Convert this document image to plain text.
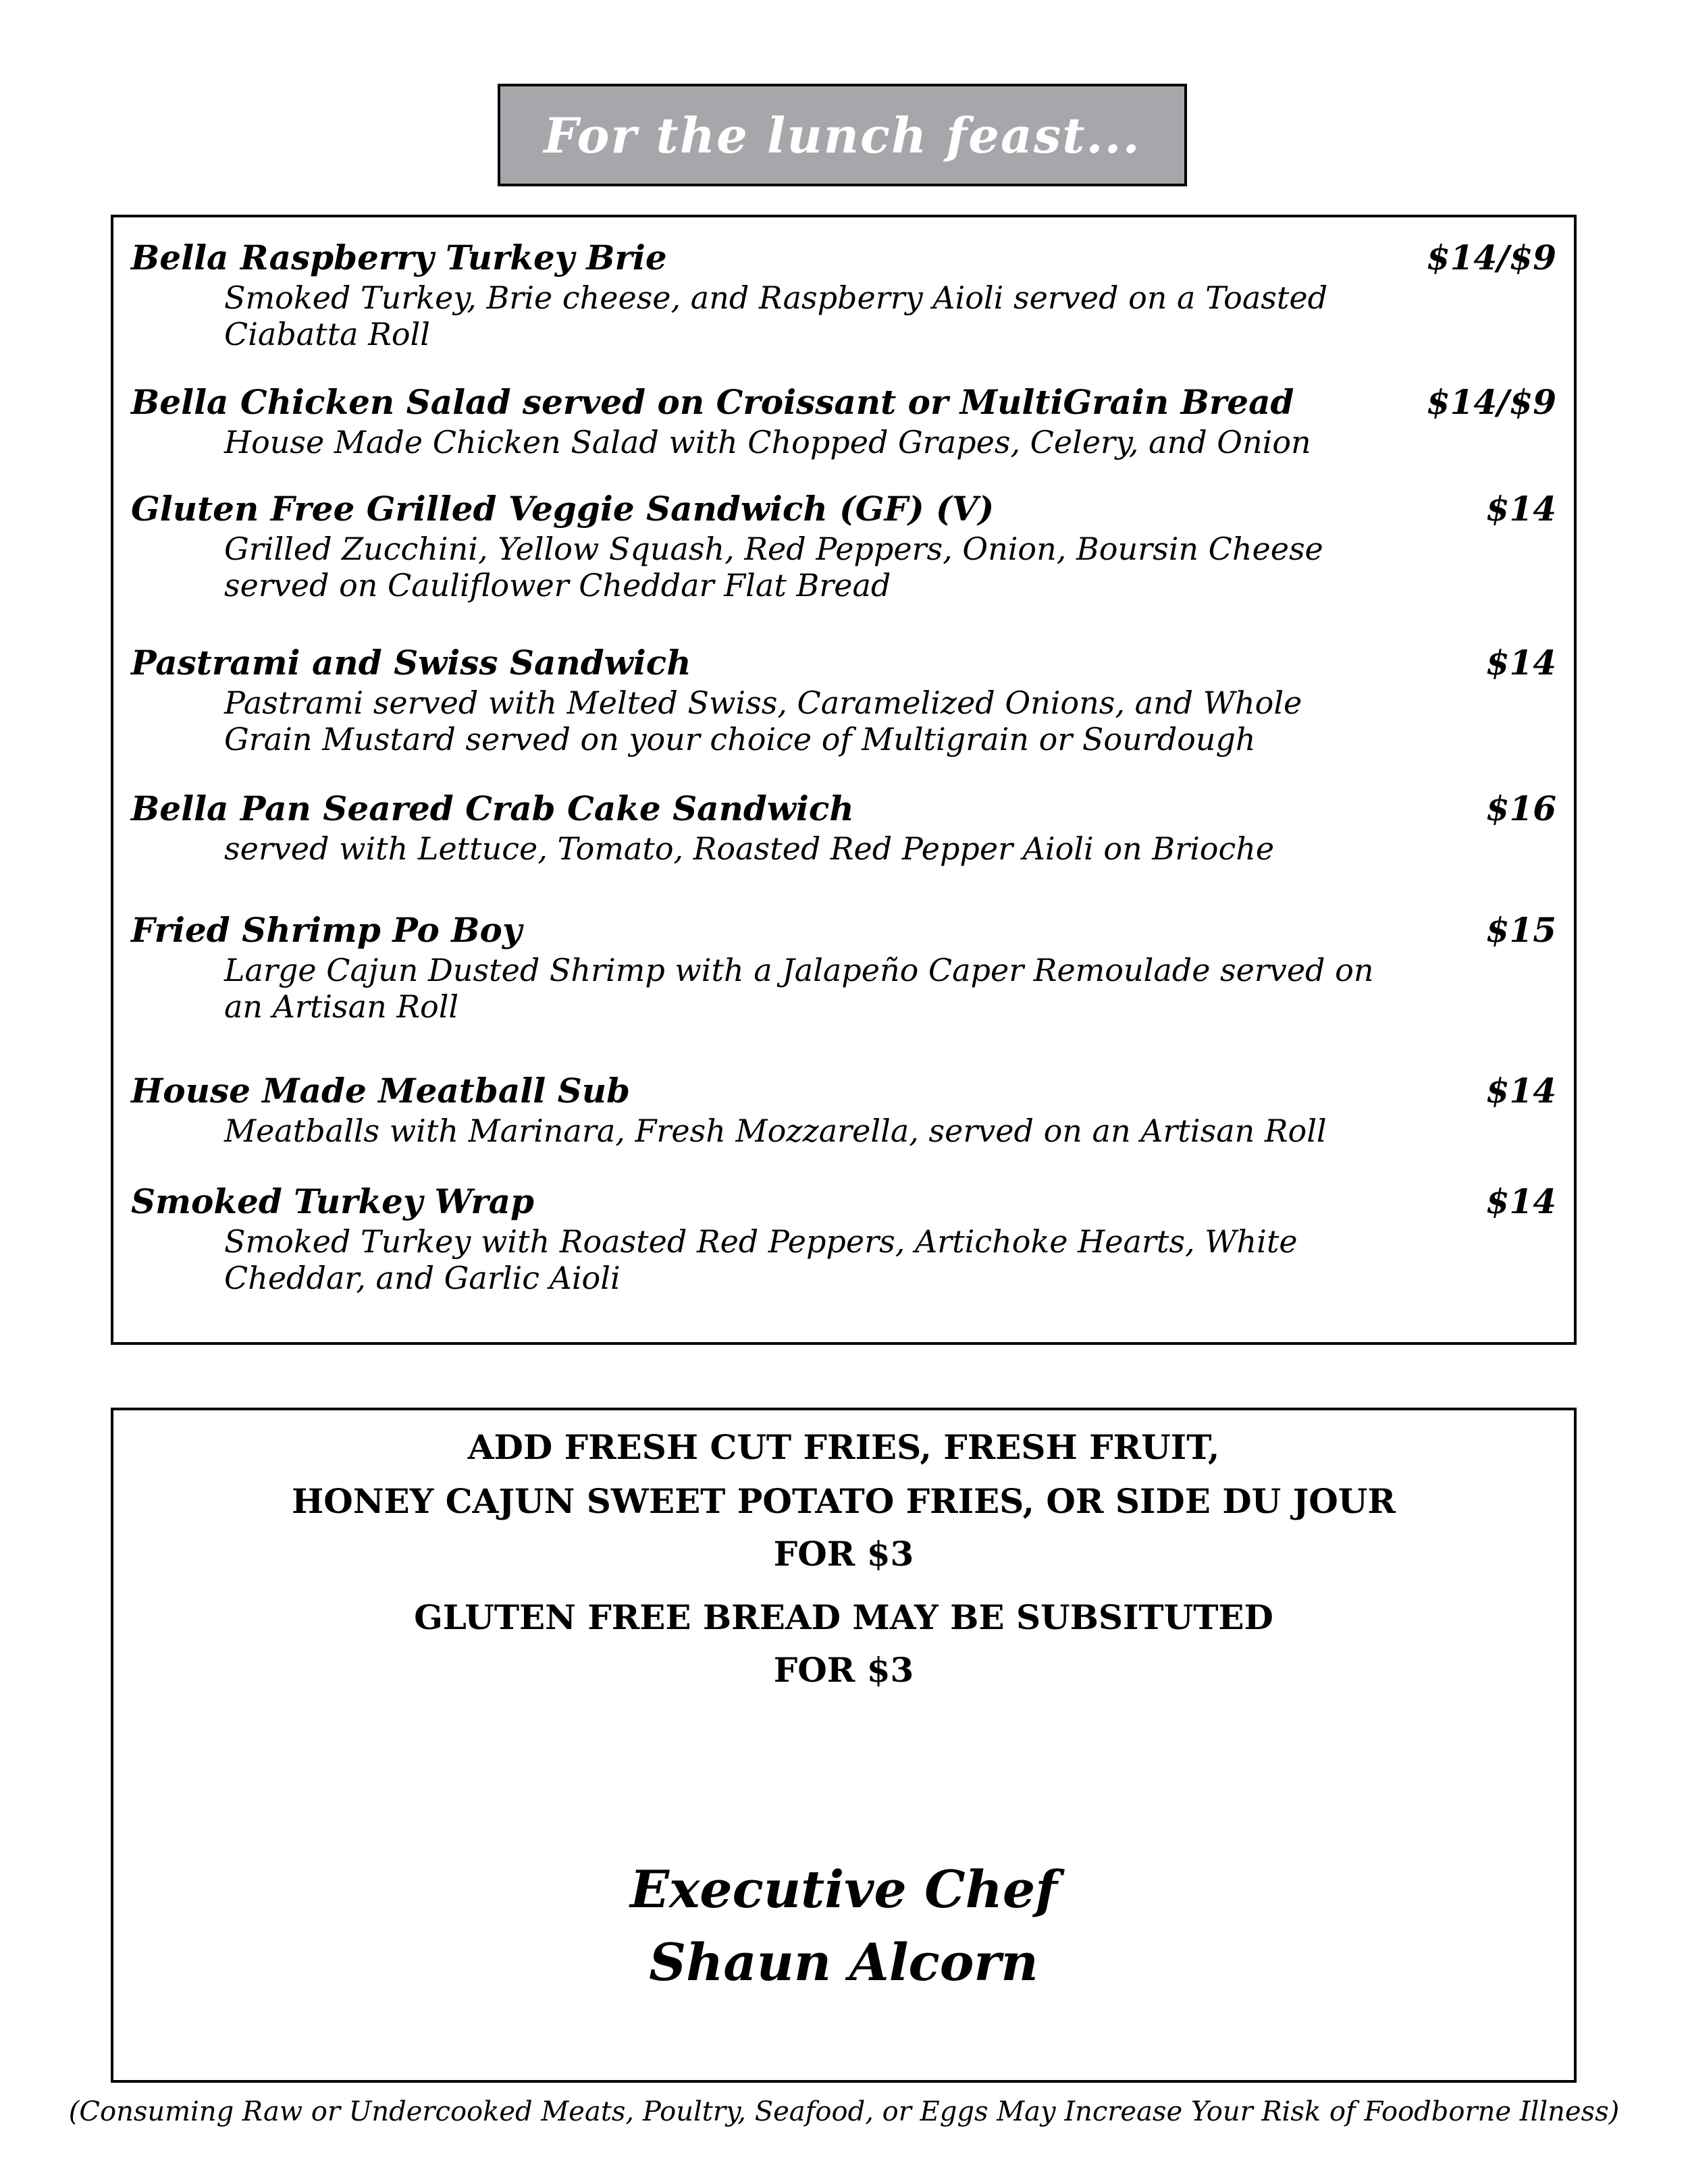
For the lunch feast...
Bella Raspberry Turkey Brie	$14/$9
Smoked Turkey, Brie cheese, and Raspberry Aioli served on a Toasted
Ciabatta Roll
Bella Chicken Salad served on Croissant or MultiGrain Bread	$14/$9
House Made Chicken Salad with Chopped Grapes, Celery, and Onion
Gluten Free Grilled Veggie Sandwich (GF) (V)	$14
Grilled Zucchini, Yellow Squash, Red Peppers, Onion, Boursin Cheese
served on Cauliflower Cheddar Flat Bread
Pastrami and Swiss Sandwich	$14
Pastrami served with Melted Swiss, Caramelized Onions, and Whole
Grain Mustard served on your choice of Multigrain or Sourdough
Bella Pan Seared Crab Cake Sandwich	$16
served with Lettuce, Tomato, Roasted Red Pepper Aioli on Brioche
Fried Shrimp Po Boy	$15
Large Cajun Dusted Shrimp with a Jalapeño Caper Remoulade served on
an Artisan Roll
House Made Meatball Sub	$14
Meatballs with Marinara, Fresh Mozzarella, served on an Artisan Roll
Smoked Turkey Wrap	$14
Smoked Turkey with Roasted Red Peppers, Artichoke Hearts, White
Cheddar, and Garlic Aioli
ADD FRESH CUT FRIES, FRESH FRUIT,
HONEY CAJUN SWEET POTATO FRIES, OR SIDE DU JOUR
FOR $3
GLUTEN FREE BREAD MAY BE SUBSITUTED
FOR $3
Executive Chef
Shaun Alcorn
(Consuming Raw or Undercooked Meats, Poultry, Seafood, or Eggs May Increase Your Risk of Foodborne Illness)
